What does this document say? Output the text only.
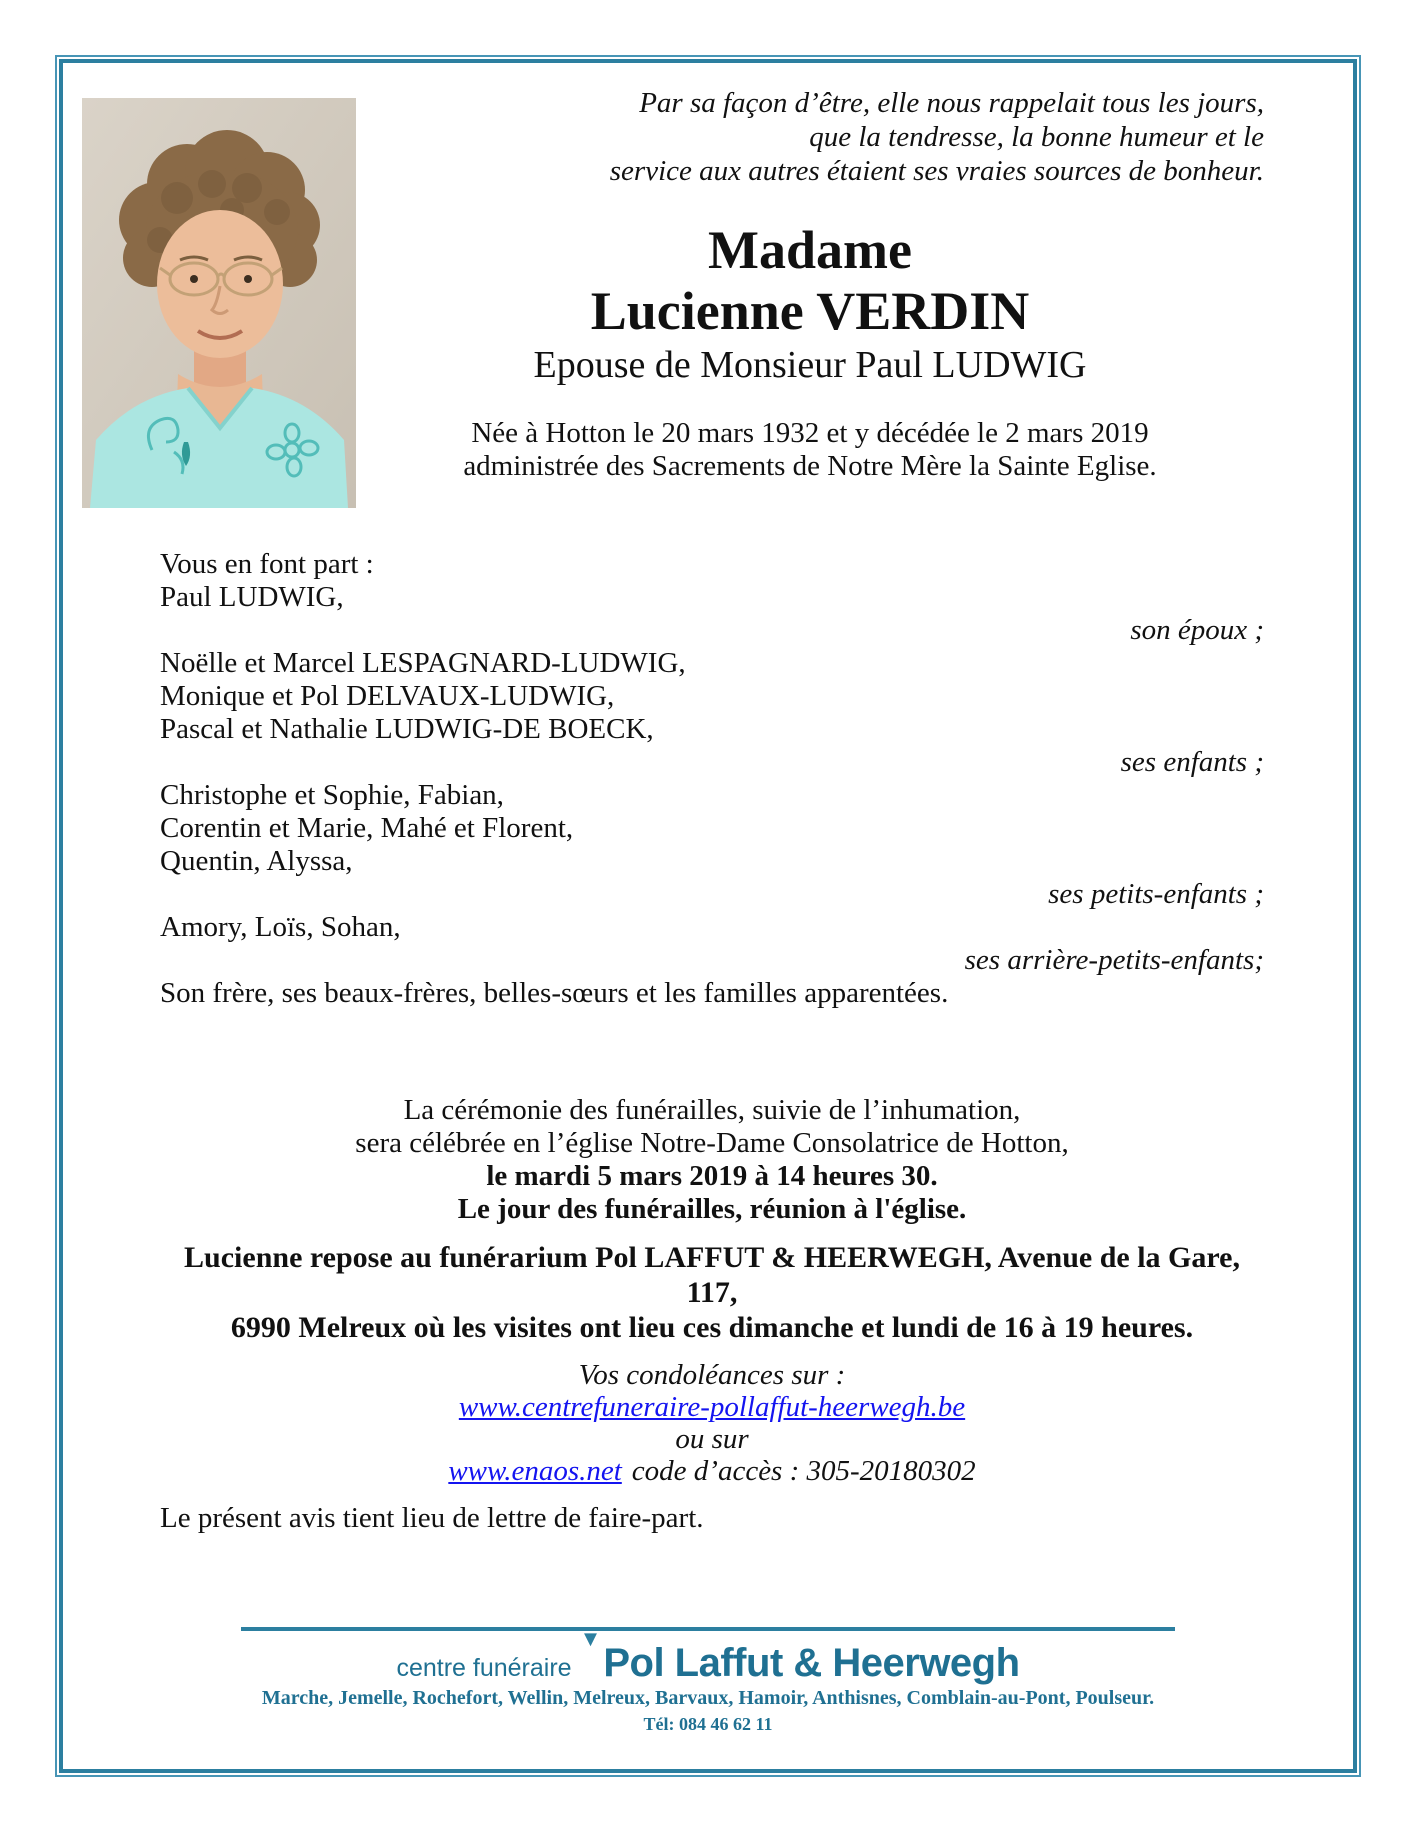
Par sa façon d’être, elle nous rappelait tous les jours,
que la tendresse, la bonne humeur et le
service aux autres étaient ses vraies sources de bonheur.
Madame
Lucienne VERDIN
Epouse de Monsieur Paul LUDWIG
Née à Hotton le 20 mars 1932 et y décédée le 2 mars 2019
administrée des Sacrements de Notre Mère la Sainte Eglise.

Vous en font part :

Paul LUDWIG,

son époux ;

Noëlle et Marcel LESPAGNARD-LUDWIG,

Monique et Pol DELVAUX-LUDWIG,

Pascal et Nathalie LUDWIG-DE BOECK,

ses enfants ;

Christophe et Sophie, Fabian,

Corentin et Marie, Mahé et Florent,

Quentin, Alyssa,

ses petits-enfants ;

Amory, Loïs, Sohan,

ses arrière-petits-enfants;

Son frère, ses beaux-frères, belles-sœurs et les familles apparentées.

La cérémonie des funérailles, suivie de l’inhumation,

sera célébrée en l’église Notre-Dame Consolatrice de Hotton,

le mardi 5 mars 2019 à 14 heures 30.

Le jour des funérailles, réunion à l'église.

Lucienne repose au funérarium Pol LAFFUT & HEERWEGH, Avenue de la Gare, 117,

6990 Melreux où les visites ont lieu ces dimanche et lundi de 16 à 19 heures.

Vos condoléances sur :

www.centrefuneraire-pollaffut-heerwegh.be

ou sur

www.enaos.net code d’accès : 305-20180302

Le présent avis tient lieu de lettre de faire-part.
centre funéraire
▼
Pol Laffut & Heerwegh
Marche, Jemelle, Rochefort, Wellin, Melreux, Barvaux, Hamoir, Anthisnes, Comblain-au-Pont, Poulseur.
Tél: 084 46 62 11
